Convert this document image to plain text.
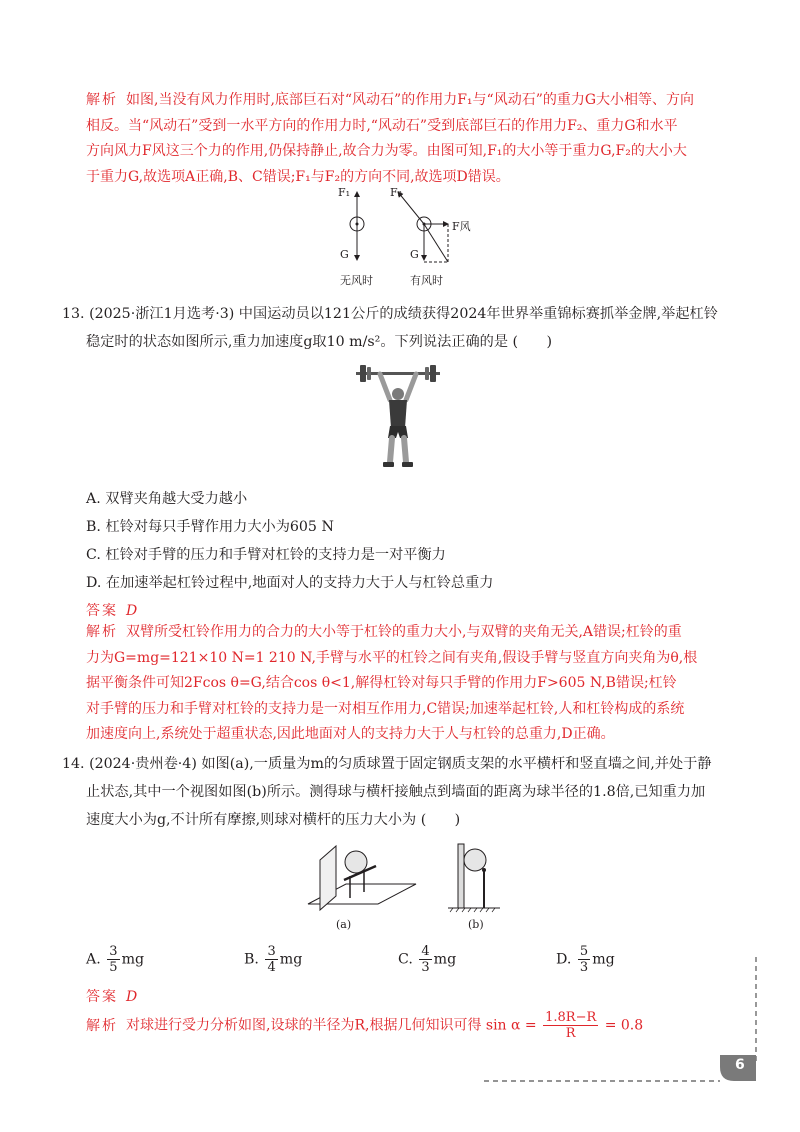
解析 如图,当没有风力作用时,底部巨石对“风动石”的作用力F₁与“风动石”的重力G大小相等、方向
相反。当“风动石”受到一水平方向的作用力时,“风动石”受到底部巨石的作用力F₂、重力G和水平
方向风力F风这三个力的作用,仍保持静止,故合力为零。由图可知,F₁的大小等于重力G,F₂的大小大
于重力G,故选项A正确,B、C错误;F₁与F₂的方向不同,故选项D错误。
F₁
G
F₂
G
F风
无风时	有风时
13. (2025·浙江1月选考·3) 中国运动员以121公斤的成绩获得2024年世界举重锦标赛抓举金牌,举起杠铃
稳定时的状态如图所示,重力加速度g取10 m/s²。下列说法正确的是 (　　)
A. 双臂夹角越大受力越小
B. 杠铃对每只手臂作用力大小为605 N
C. 杠铃对手臂的压力和手臂对杠铃的支持力是一对平衡力
D. 在加速举起杠铃过程中,地面对人的支持力大于人与杠铃总重力
答案 D
解析 双臂所受杠铃作用力的合力的大小等于杠铃的重力大小,与双臂的夹角无关,A错误;杠铃的重
力为G=mg=121×10 N=1 210 N,手臂与水平的杠铃之间有夹角,假设手臂与竖直方向夹角为θ,根
据平衡条件可知2Fcos θ=G,结合cos θ<1,解得杠铃对每只手臂的作用力F>605 N,B错误;杠铃
对手臂的压力和手臂对杠铃的支持力是一对相互作用力,C错误;加速举起杠铃,人和杠铃构成的系统
加速度向上,系统处于超重状态,因此地面对人的支持力大于人与杠铃的总重力,D正确。
14. (2024·贵州卷·4) 如图(a),一质量为m的匀质球置于固定钢质支架的水平横杆和竖直墙之间,并处于静
止状态,其中一个视图如图(b)所示。测得球与横杆接触点到墙面的距离为球半径的1.8倍,已知重力加
速度大小为g,不计所有摩擦,则球对横杆的压力大小为 (　　)
(a)	(b)
A. $\frac{3}{5}$ mg	B. $\frac{3}{4}$ mg	C. $\frac{4}{3}$ mg	D. $\frac{5}{3}$ mg
答案 D
解析 对球进行受力分析如图,设球的半径为R,根据几何知识可得 $\sin \alpha = \frac{1.8R-R}{R} = 0.8$
6
